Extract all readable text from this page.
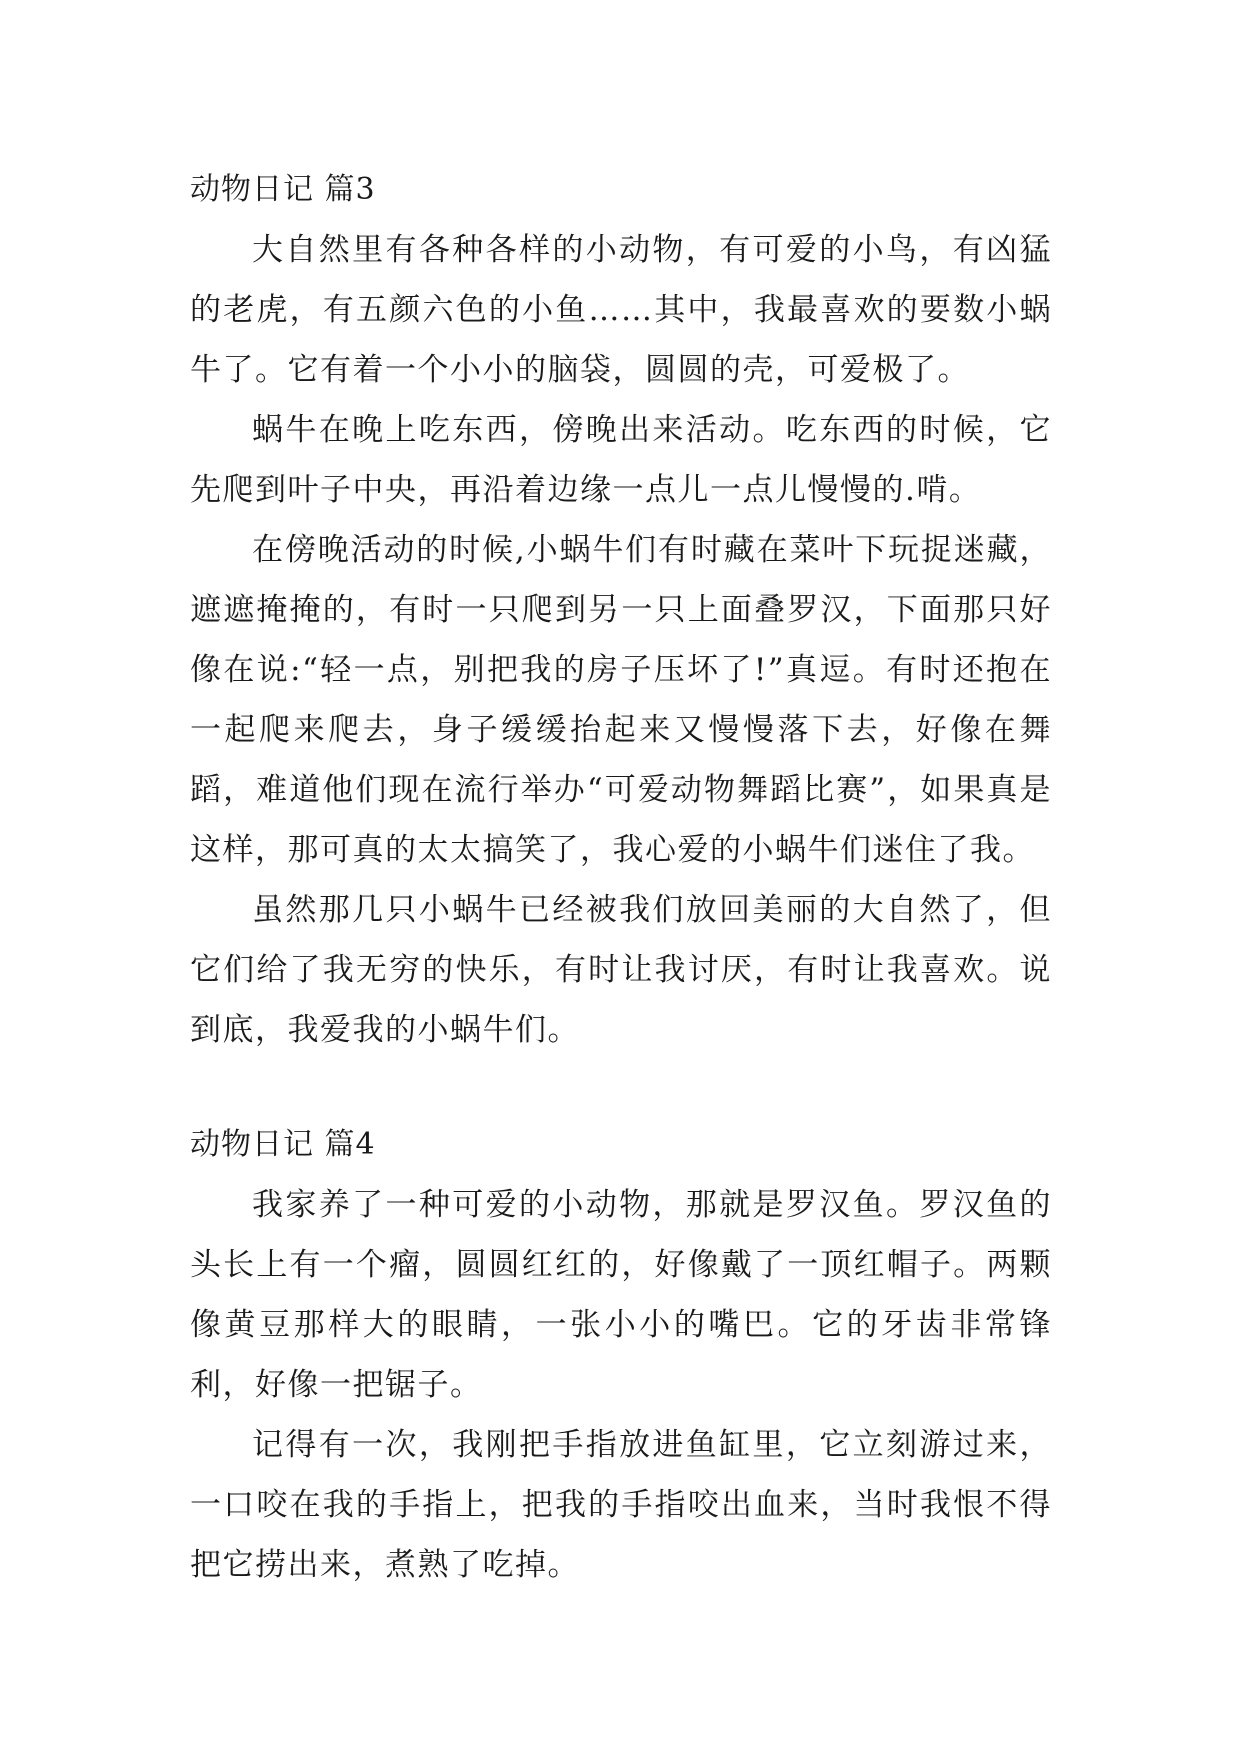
动物日记 篇3

大自然里有各种各样的小动物，有可爱的小鸟，有凶猛的老虎，有五颜六色的小鱼……其中，我最喜欢的要数小蜗牛了。它有着一个小小的脑袋，圆圆的壳，可爱极了。

蜗牛在晚上吃东西，傍晚出来活动。吃东西的时候，它先爬到叶子中央，再沿着边缘一点儿一点儿慢慢的.啃。

在傍晚活动的时候,小蜗牛们有时藏在菜叶下玩捉迷藏，遮遮掩掩的，有时一只爬到另一只上面叠罗汉，下面那只好像在说:“轻一点，别把我的房子压坏了!”真逗。有时还抱在一起爬来爬去，身子缓缓抬起来又慢慢落下去，好像在舞蹈，难道他们现在流行举办“可爱动物舞蹈比赛”，如果真是这样，那可真的太太搞笑了，我心爱的小蜗牛们迷住了我。

虽然那几只小蜗牛已经被我们放回美丽的大自然了，但它们给了我无穷的快乐，有时让我讨厌，有时让我喜欢。说到底，我爱我的小蜗牛们。

动物日记 篇4

我家养了一种可爱的小动物，那就是罗汉鱼。罗汉鱼的头长上有一个瘤，圆圆红红的，好像戴了一顶红帽子。两颗像黄豆那样大的眼睛，一张小小的嘴巴。它的牙齿非常锋利，好像一把锯子。

记得有一次，我刚把手指放进鱼缸里，它立刻游过来，一口咬在我的手指上，把我的手指咬出血来，当时我恨不得把它捞出来，煮熟了吃掉。
